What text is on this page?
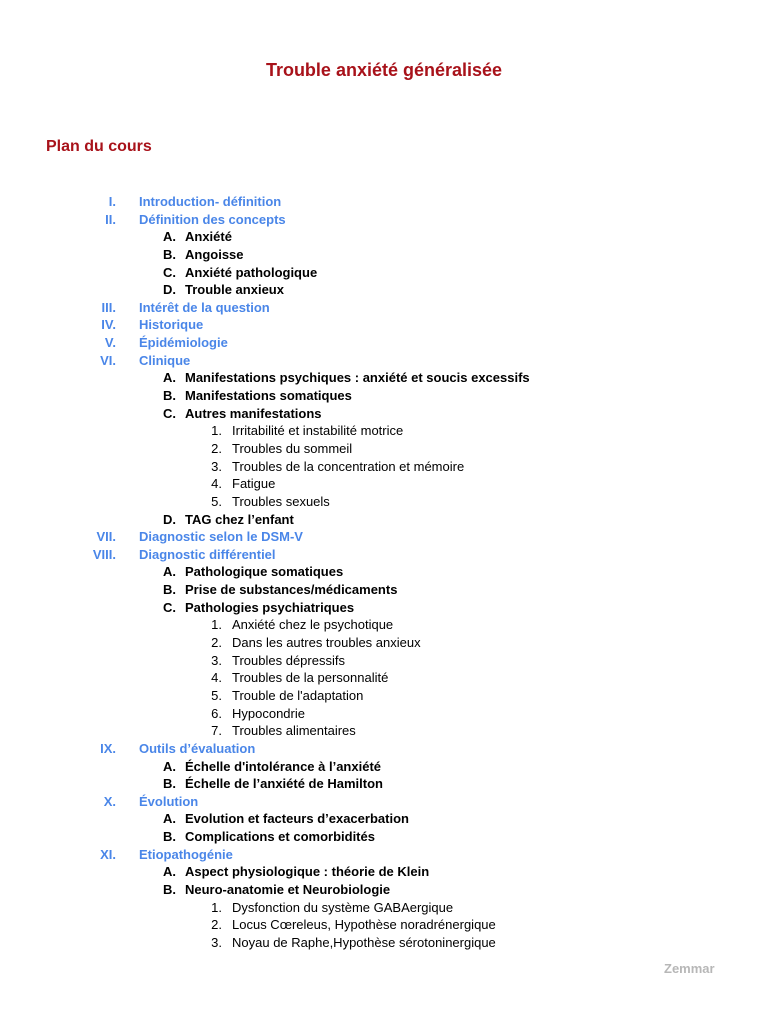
Trouble anxiété généralisée
Plan du cours
I. Introduction- définition
II. Définition des concepts
A. Anxiété
B. Angoisse
C. Anxiété pathologique
D. Trouble anxieux
III. Intérêt de la question
IV. Historique
V. Épidémiologie
VI. Clinique
A. Manifestations psychiques : anxiété et soucis excessifs
B. Manifestations somatiques
C. Autres manifestations
1. Irritabilité et instabilité motrice
2. Troubles du sommeil
3. Troubles de la concentration et mémoire
4. Fatigue
5. Troubles sexuels
D. TAG chez l’enfant
VII. Diagnostic selon le DSM-V
VIII. Diagnostic différentiel
A. Pathologique somatiques
B. Prise de substances/médicaments
C. Pathologies psychiatriques
1. Anxiété chez le psychotique
2. Dans les autres troubles anxieux
3. Troubles dépressifs
4. Troubles de la personnalité
5. Trouble de l'adaptation
6. Hypocondrie
7. Troubles alimentaires
IX. Outils d’évaluation
A. Échelle d'intolérance à l’anxiété
B. Échelle de l’anxiété de Hamilton
X. Évolution
A. Evolution et facteurs d’exacerbation
B. Complications et comorbidités
XI. Etiopathogénie
A. Aspect physiologique : théorie de Klein
B. Neuro-anatomie et Neurobiologie
1. Dysfonction du système GABAergique
2. Locus Cœreleus, Hypothèse noradrénergique
3. Noyau de Raphe,Hypothèse sérotoninergique
Zemmar
